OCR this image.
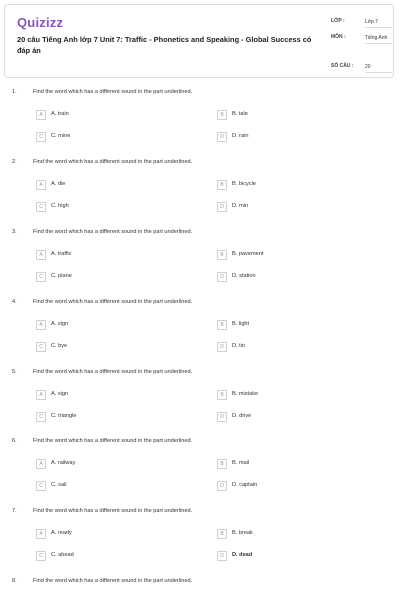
Quizizz
20 câu Tiếng Anh lớp 7 Unit 7: Traffic - Phonetics and Speaking - Global Success có đáp án
LỚP :	Lớp 7
MÔN :	Tiếng Anh
SỐ CÂU : 20
1.	Find the word which has a different sound in the part underlined.
A	A. train	B	B. tale
C	C. mine	D	D. rain
2.	Find the word which has a different sound in the part underlined.
A	A. die	B	B. bicycle
C	C. high	D	D. min
3.	Find the word which has a different sound in the part underlined.
A	A. traffic	B	B. pavement
C	C. plane	D	D. station
4.	Find the word which has a different sound in the part underlined.
A	A. sign	B	B. light
C	C. bye	D	D. tin
5.	Find the word which has a different sound in the part underlined.
A	A. sign	B	B. mistake
C	C. triangle	D	D. drive
6.	Find the word which has a different sound in the part underlined.
A	A. railway	B	B. mail
C	C. sail	D	D. captain
7.	Find the word which has a different sound in the part underlined.
A	A. ready	B	B. break
C	C. ahead	D	D. dead
8.	Find the word which has a different sound in the part underlined.
